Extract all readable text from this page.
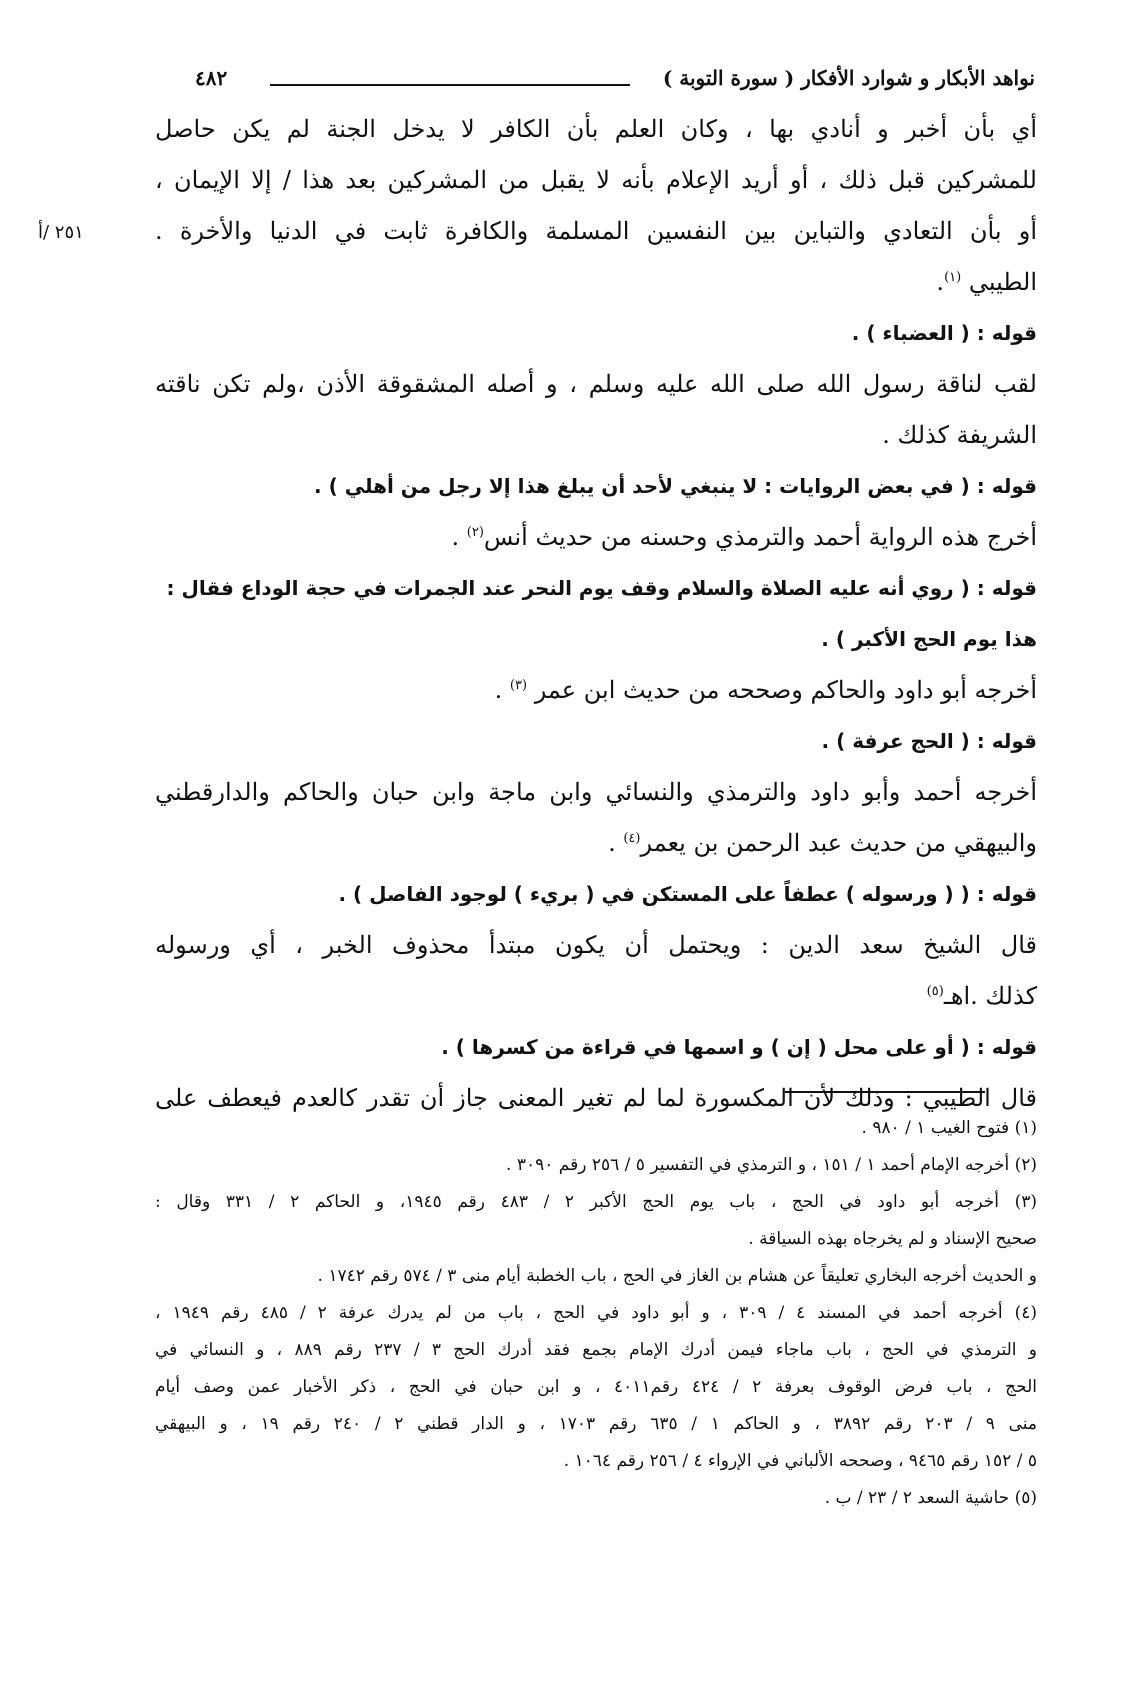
نواهد الأبكار و شوارد الأفكار ( سورة التوبة )
٤٨٢
٢٥١ /أ
أي بأن أخبر و أنادي بها ، وكان العلم بأن الكافر لا يدخل الجنة لم يكن حاصل
للمشركين قبل ذلك ، أو أريد الإعلام بأنه لا يقبل من المشركين بعد هذا / إلا الإيمان ،
أو بأن التعادي والتباين بين النفسين المسلمة والكافرة ثابت في الدنيا والأخرة .
الطيبي $^{(١)}$.
قوله : ( العضباء ) .
لقب لناقة رسول الله صلى الله عليه وسلم ، و أصله المشقوقة الأذن ،ولم تكن ناقته
الشريفة كذلك .
قوله : ( في بعض الروايات : لا ينبغي لأحد أن يبلغ هذا إلا رجل من أهلي ) .
أخرج هذه الرواية أحمد والترمذي وحسنه من حديث أنس$^{(٢)}$ .
قوله : ( روي أنه عليه الصلاة والسلام وقف يوم النحر عند الجمرات في حجة الوداع فقال :
هذا يوم الحج الأكبر ) .
أخرجه أبو داود والحاكم وصححه من حديث ابن عمر $^{(٣)}$ .
قوله : ( الحج عرفة ) .
أخرجه أحمد وأبو داود والترمذي والنسائي وابن ماجة وابن حبان والحاكم والدارقطني
والبيهقي من حديث عبد الرحمن بن يعمر$^{(٤)}$ .
قوله : ( ( ورسوله ) عطفاً على المستكن في ( بريء ) لوجود الفاصل ) .
قال الشيخ سعد الدين : ويحتمل أن يكون مبتدأ محذوف الخبر ، أي ورسوله
كذلك .اهـ$^{(٥)}$
قوله : ( أو على محل ( إن ) و اسمها في قراءة من كسرها ) .
قال الطيبي : وذلك لأن المكسورة لما لم تغير المعنى جاز أن تقدر كالعدم فيعطف على
(١) فتوح الغيب ١ / ٩٨٠ .
(٢) أخرجه الإمام أحمد ١ / ١٥١ ، و الترمذي في التفسير ٥ / ٢٥٦ رقم ٣٠٩٠ .
(٣) أخرجه أبو داود في الحج ، باب يوم الحج الأكبر ٢ / ٤٨٣ رقم ١٩٤٥، و الحاكم ٢ / ٣٣١ وقال :
صحيح الإسناد و لم يخرجاه بهذه السياقة .
و الحديث أخرجه البخاري تعليقاً عن هشام بن الغاز في الحج ، باب الخطبة أيام منى ٣ / ٥٧٤ رقم ١٧٤٢ .
(٤) أخرجه أحمد في المسند ٤ / ٣٠٩ ، و أبو داود في الحج ، باب من لم يدرك عرفة ٢ / ٤٨٥ رقم ١٩٤٩ ،
و الترمذي في الحج ، باب ماجاء فيمن أدرك الإمام بجمع فقد أدرك الحج ٣ / ٢٣٧ رقم ٨٨٩ ، و النسائي في
الحج ، باب فرض الوقوف بعرفة ٢ / ٤٢٤ رقم٤٠١١ ، و ابن حبان في الحج ، ذكر الأخبار عمن وصف أيام
منى ٩ / ٢٠٣ رقم ٣٨٩٢ ، و الحاكم ١ / ٦٣٥ رقم ١٧٠٣ ، و الدار قطني ٢ / ٢٤٠ رقم ١٩ ، و البيهقي
٥ / ١٥٢ رقم ٩٤٦٥ ، وصححه الألباني في الإرواء ٤ / ٢٥٦ رقم ١٠٦٤ .
(٥) حاشية السعد ٢ / ٢٣ / ب .
